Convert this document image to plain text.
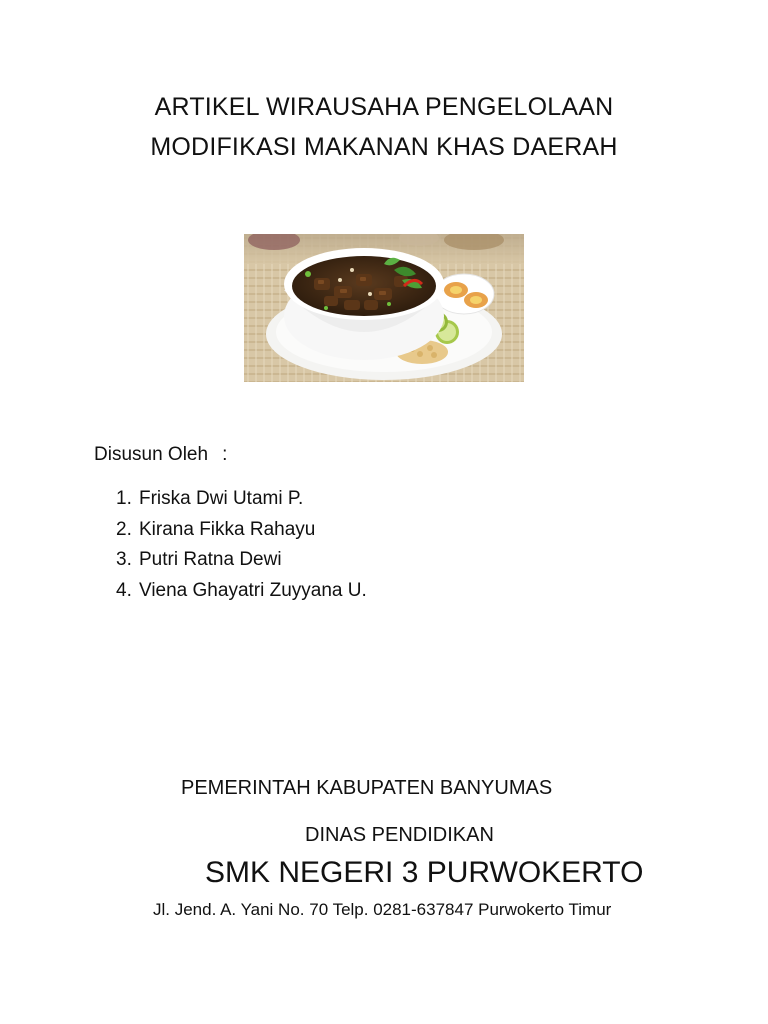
ARTIKEL WIRAUSAHA PENGELOLAAN
MODIFIKASI MAKANAN KHAS DAERAH
Disusun Oleh :
1. Friska Dwi Utami P.
2. Kirana Fikka Rahayu
3. Putri Ratna Dewi
4. Viena Ghayatri Zuyyana U.
PEMERINTAH KABUPATEN BANYUMAS
DINAS PENDIDIKAN
SMK NEGERI 3 PURWOKERTO
Jl. Jend. A. Yani No. 70 Telp. 0281-637847 Purwokerto Timur
